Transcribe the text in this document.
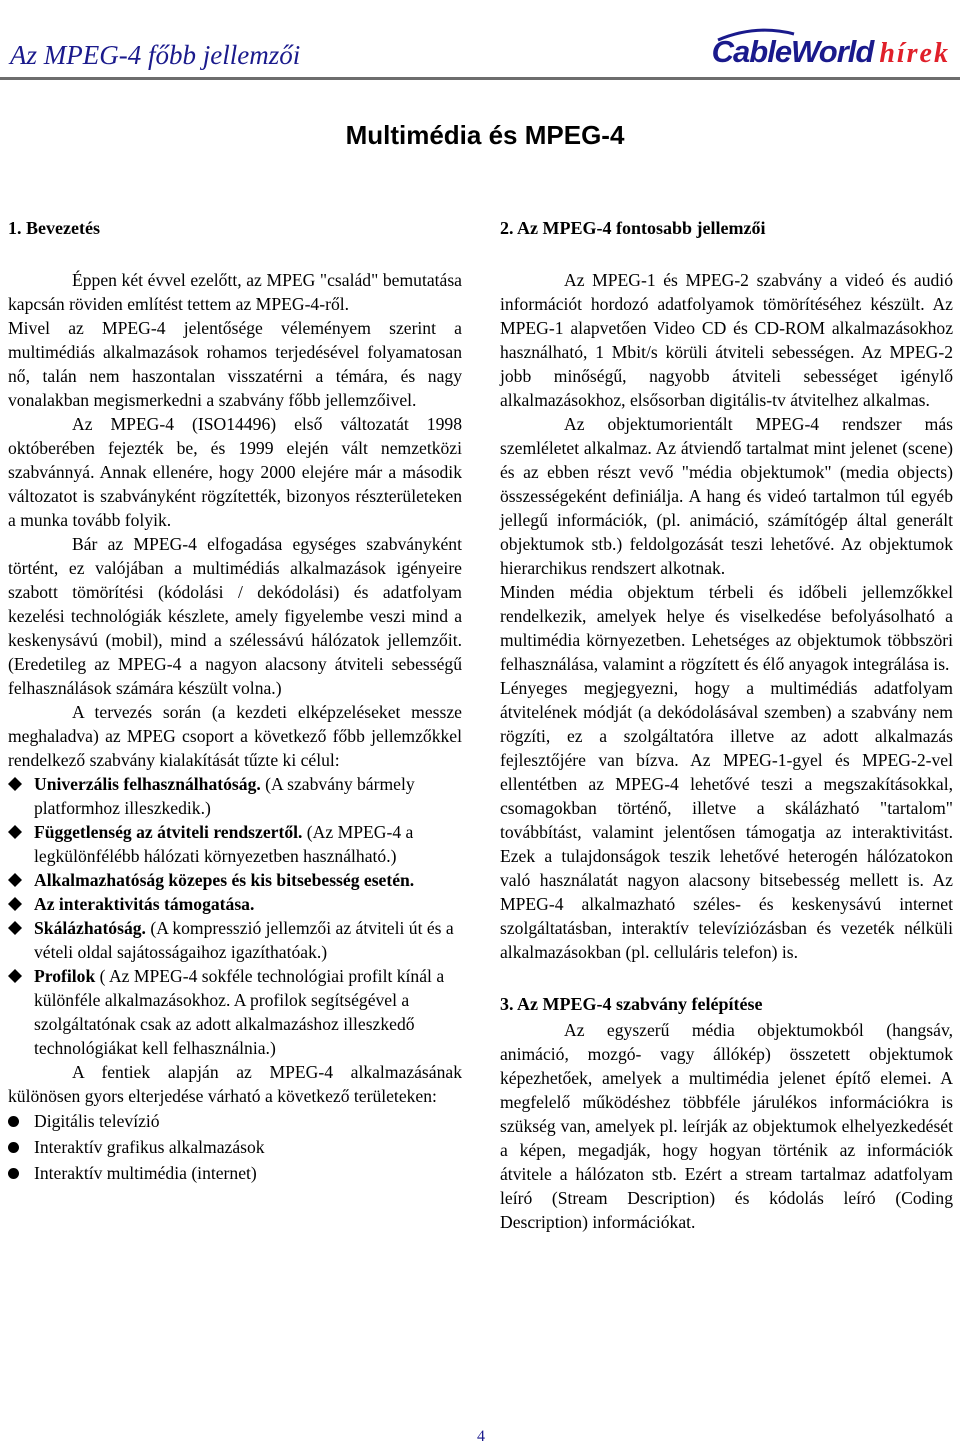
Az MPEG-4 főbb jellemzői	CableWorld hírek
Multimédia és MPEG-4
1. Bevezetés

Éppen két évvel ezelőtt, az MPEG "család" bemutatása kapcsán röviden említést tettem az MPEG-4-ről.

Mivel az MPEG-4 jelentősége véleményem szerint a multimédiás alkalmazások rohamos terjedésével folyamatosan nő, talán nem haszontalan visszatérni a témára, és nagy vonalakban megismerkedni a szabvány főbb jellemzőivel.

Az MPEG-4 (ISO14496) első változatát 1998 októberében fejezték be, és 1999 elején vált nemzetközi szabvánnyá. Annak ellenére, hogy 2000 elejére már a második változatot is szabványként rögzítették, bizonyos részterületeken a munka tovább folyik.

Bár az MPEG-4 elfogadása egységes szabványként történt, ez valójában a multimédiás alkalmazások igényeire szabott tömörítési (kódolási / dekódolási) és adatfolyam kezelési technológiák készlete, amely figyelembe veszi mind a keskenysávú (mobil), mind a szélessávú hálózatok jellemzőit. (Eredetileg az MPEG-4 a nagyon alacsony átviteli sebességű felhasználások számára készült volna.)

A tervezés során (a kezdeti elképzeléseket messze meghaladva) az MPEG csoport a következő főbb jellemzőkkel rendelkező szabvány kialakítását tűzte ki célul:

Univerzális felhasználhatóság. (A szabvány bármely platformhoz illeszkedik.)
Függetlenség az átviteli rendszertől. (Az MPEG-4 a legkülönfélébb hálózati környezetben használható.)
Alkalmazhatóság közepes és kis bitsebesség esetén.
Az interaktivitás támogatása.
Skálázhatóság. (A kompresszió jellemzői az átviteli út és a vételi oldal sajátosságaihoz igazíthatóak.)
Profilok ( Az MPEG-4 sokféle technológiai profilt kínál a különféle alkalmazásokhoz. A profilok segítségével a szolgáltatónak csak az adott alkalmazáshoz illeszkedő technológiákat kell felhasználnia.)

A fentiek alapján az MPEG-4 alkalmazásának különösen gyors elterjedése várható a következő területeken:

Digitális televízió
Interaktív grafikus alkalmazások
Interaktív multimédia (internet)
2. Az MPEG-4 fontosabb jellemzői

Az MPEG-1 és MPEG-2 szabvány a videó és audió információt hordozó adatfolyamok tömörítéséhez készült. Az MPEG-1 alapvetően Video CD és CD-ROM alkalmazásokhoz használható, 1 Mbit/s körüli átviteli sebességen. Az MPEG-2 jobb minőségű, nagyobb átviteli sebességet igénylő alkalmazásokhoz, elsősorban digitális-tv átvitelhez alkalmas.

Az objektumorientált MPEG-4 rendszer más szemléletet alkalmaz. Az átviendő tartalmat mint jelenet (scene) és az ebben részt vevő "média objektumok" (media objects) összességeként definiálja. A hang és videó tartalmon túl egyéb jellegű információk, (pl. animáció, számítógép által generált objektumok stb.) feldolgozását teszi lehetővé. Az objektumok hierarchikus rendszert alkotnak.

Minden média objektum térbeli és időbeli jellemzőkkel rendelkezik, amelyek helye és viselkedése befolyásolható a multimédia környezetben. Lehetséges az objektumok többszöri felhasználása, valamint a rögzített és élő anyagok integrálása is.

Lényeges megjegyezni, hogy a multimédiás adatfolyam átvitelének módját (a dekódolásával szemben) a szabvány nem rögzíti, ez a szolgáltatóra illetve az adott alkalmazás fejlesztőjére van bízva. Az MPEG-1-gyel és MPEG-2-vel ellentétben az MPEG-4 lehetővé teszi a megszakításokkal, csomagokban történő, illetve a skálázható "tartalom" továbbítást, valamint jelentősen támogatja az interaktivitást. Ezek a tulajdonságok teszik lehetővé heterogén hálózatokon való használatát nagyon alacsony bitsebesség mellett is. Az MPEG-4 alkalmazható széles- és keskenysávú internet szolgáltatásban, interaktív televíziózásban és vezeték nélküli alkalmazásokban (pl. celluláris telefon) is.

3. Az MPEG-4 szabvány felépítése

Az egyszerű média objektumokból (hangsáv, animáció, mozgó- vagy állókép) összetett objektumok képezhetőek, amelyek a multimédia jelenet építő elemei. A megfelelő működéshez többféle járulékos információkra is szükség van, amelyek pl. leírják az objektumok elhelyezkedését a képen, megadják, hogy hogyan történik az információk átvitele a hálózaton stb. Ezért a stream tartalmaz adatfolyam leíró (Stream Description) és kódolás leíró (Coding Description) információkat.

4
